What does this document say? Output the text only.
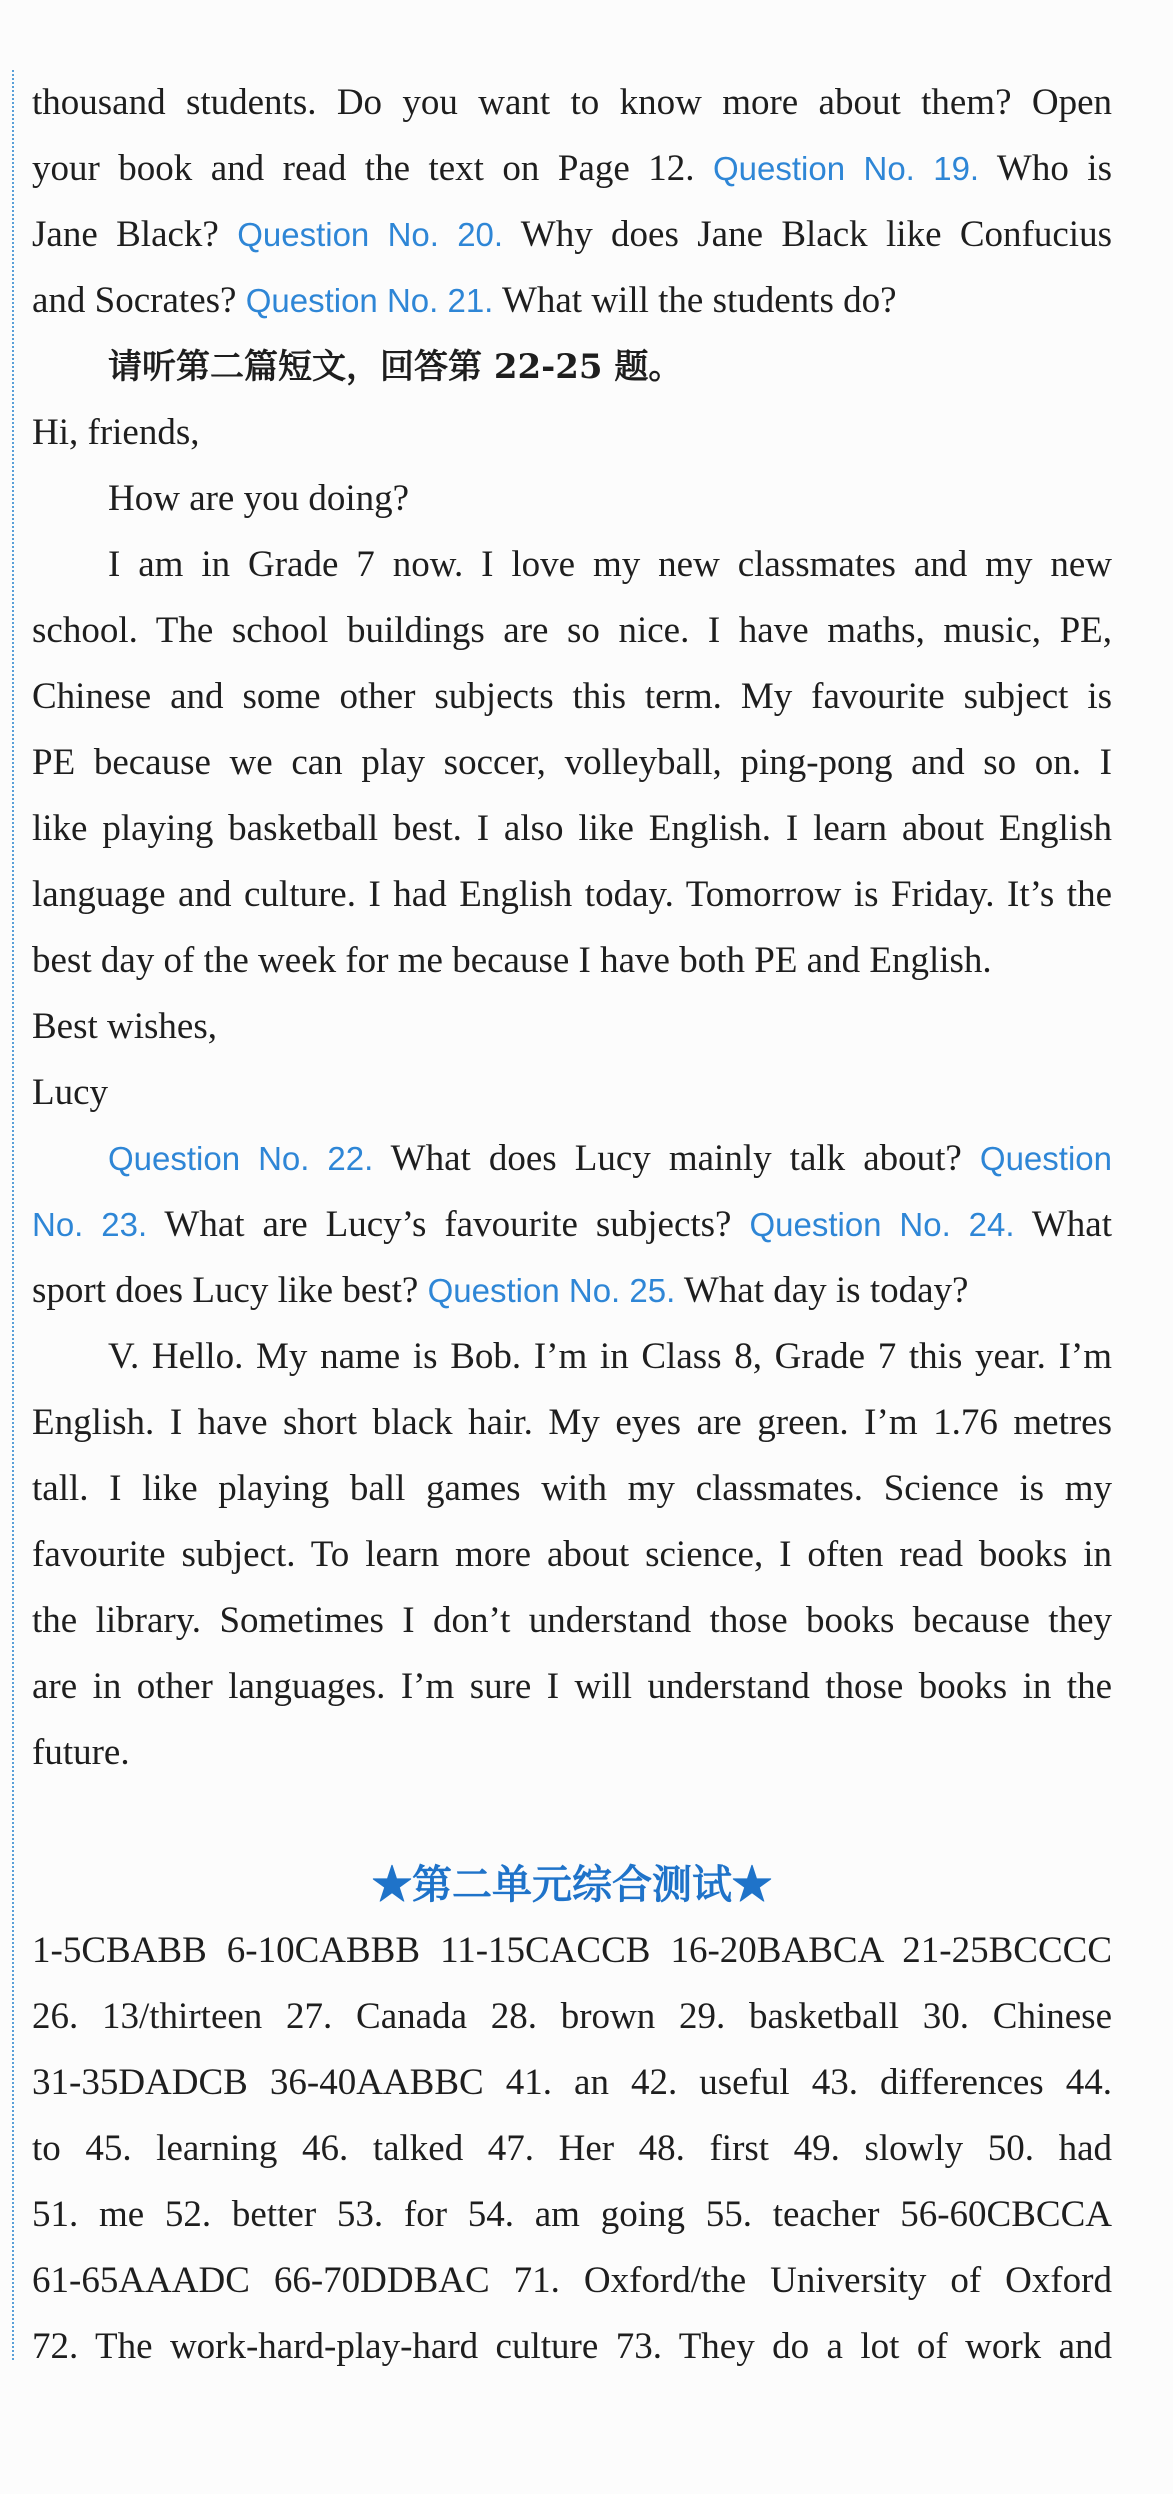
thousand students. Do you want to know more about them? Open
your book and read the text on Page 12. Question No. 19. Who is
Jane Black? Question No. 20. Why does Jane Black like Confucius
and Socrates? Question No. 21. What will the students do?
请听第二篇短文，回答第 22-25 题。
Hi, friends,
How are you doing?
I am in Grade 7 now. I love my new classmates and my new
school. The school buildings are so nice. I have maths, music, PE,
Chinese and some other subjects this term. My favourite subject is
PE because we can play soccer, volleyball, ping-pong and so on. I
like playing basketball best. I also like English. I learn about English
language and culture. I had English today. Tomorrow is Friday. It’s the
best day of the week for me because I have both PE and English.
Best wishes,
Lucy
Question No. 22. What does Lucy mainly talk about? Question
No. 23. What are Lucy’s favourite subjects? Question No. 24. What
sport does Lucy like best? Question No. 25. What day is today?
V. Hello. My name is Bob. I’m in Class 8, Grade 7 this year. I’m
English. I have short black hair. My eyes are green. I’m 1.76 metres
tall. I like playing ball games with my classmates. Science is my
favourite subject. To learn more about science, I often read books in
the library. Sometimes I don’t understand those books because they
are in other languages. I’m sure I will understand those books in the
future.
★第二单元综合测试★
1-5CBABB 6-10CABBB 11-15CACCB 16-20BABCA 21-25BCCCC
26. 13/thirteen 27. Canada 28. brown 29. basketball 30. Chinese
31-35DADCB 36-40AABBC 41. an 42. useful 43. differences 44.
to 45. learning 46. talked 47. Her 48. first 49. slowly 50. had
51. me 52. better 53. for 54. am going 55. teacher 56-60CBCCA
61-65AAADC 66-70DDBAC 71. Oxford/the University of Oxford
72. The work-hard-play-hard culture 73. They do a lot of work and
